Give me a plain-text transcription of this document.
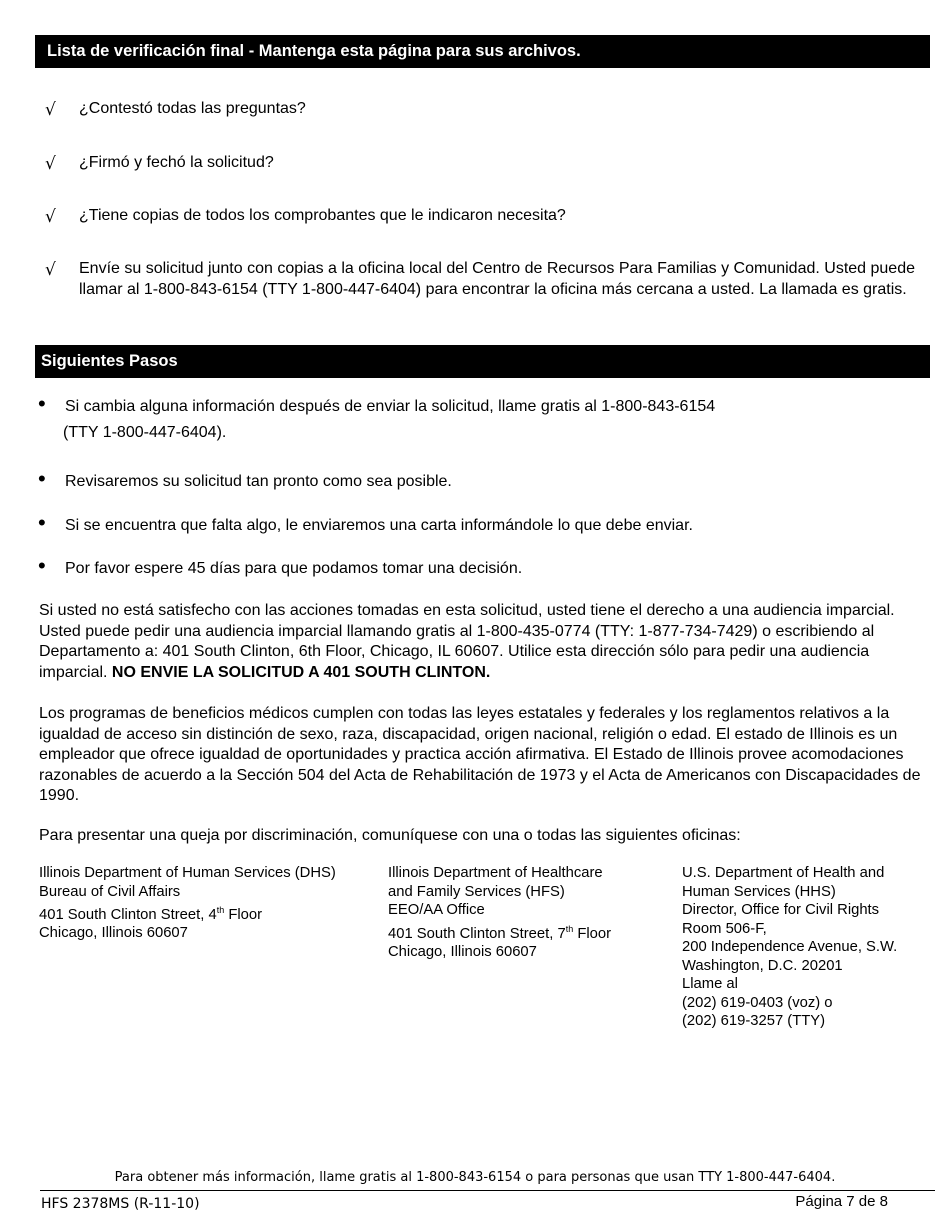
Lista de verificación final - Mantenga esta página para sus archivos.
√ ¿Contestó todas las preguntas?
√ ¿Firmó y fechó la solicitud?
√ ¿Tiene copias de todos los comprobantes que le indicaron necesita?
√ Envíe su solicitud junto con copias a la oficina local del Centro de Recursos Para Familias y Comunidad. Usted puede llamar al 1-800-843-6154 (TTY 1-800-447-6404) para encontrar la oficina más cercana a usted. La llamada es gratis.
Siguientes Pasos
• Si cambia alguna información después de enviar la solicitud, llame gratis al 1-800-843-6154
(TTY 1-800-447-6404).
• Revisaremos su solicitud tan pronto como sea posible.
• Si se encuentra que falta algo, le enviaremos una carta informándole lo que debe enviar.
• Por favor espere 45 días para que podamos tomar una decisión.
Si usted no está satisfecho con las acciones tomadas en esta solicitud, usted tiene el derecho a una audiencia imparcial. Usted puede pedir una audiencia imparcial llamando gratis al 1-800-435-0774 (TTY: 1-877-734-7429) o escribiendo al Departamento a: 401 South Clinton, 6th Floor, Chicago, IL 60607. Utilice esta dirección sólo para pedir una audiencia imparcial. NO ENVIE LA SOLICITUD A 401 SOUTH CLINTON.
Los programas de beneficios médicos cumplen con todas las leyes estatales y federales y los reglamentos relativos a la igualdad de acceso sin distinción de sexo, raza, discapacidad, origen nacional, religión o edad. El estado de Illinois es un empleador que ofrece igualdad de oportunidades y practica acción afirmativa. El Estado de Illinois provee acomodaciones razonables de acuerdo a la Sección 504 del Acta de Rehabilitación de 1973 y el Acta de Americanos con Discapacidades de 1990.
Para presentar una queja por discriminación, comuníquese con una o todas las siguientes oficinas:
Illinois Department of Human Services (DHS)
Bureau of Civil Affairs
401 South Clinton Street, 4th Floor
Chicago, Illinois 60607
Illinois Department of Healthcare
and Family Services (HFS)
EEO/AA Office
401 South Clinton Street, 7th Floor
Chicago, Illinois 60607
U.S. Department of Health and
Human Services (HHS)
Director, Office for Civil Rights
Room 506-F,
200 Independence Avenue, S.W.
Washington, D.C. 20201
Llame al
(202) 619-0403 (voz) o
(202) 619-3257 (TTY)
Para obtener más información, llame gratis al 1-800-843-6154 o para personas que usan TTY 1-800-447-6404.
HFS 2378MS (R-11-10)	Página 7 de 8
